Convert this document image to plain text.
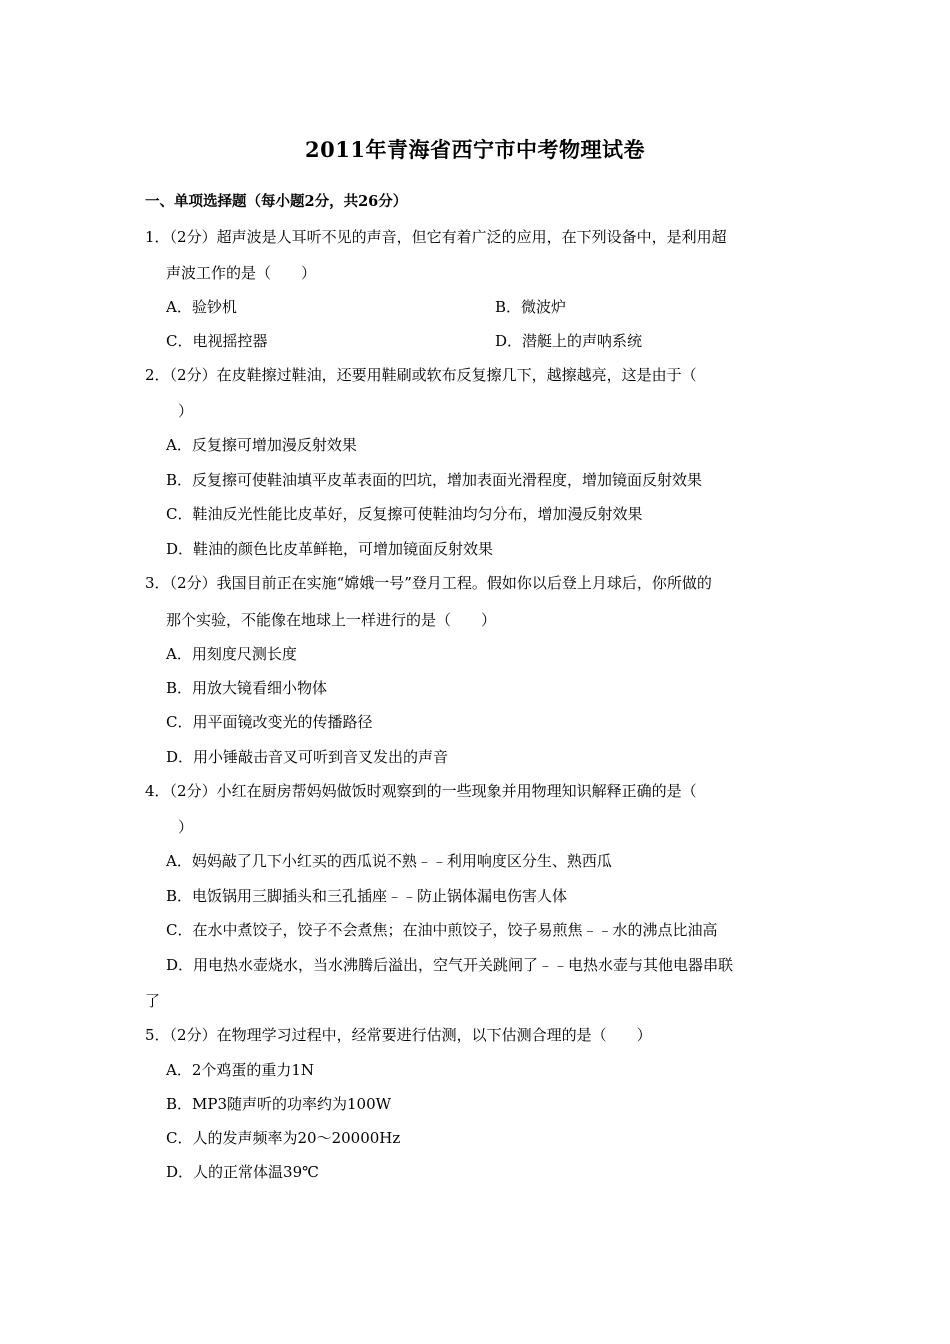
2011年青海省西宁市中考物理试卷
一、单项选择题（每小题2分，共26分）
1．（2分）超声波是人耳听不见的声音，但它有着广泛的应用，在下列设备中，是利用超
声波工作的是（　　）
A．验钞机	B．微波炉
C．电视摇控器	D．潜艇上的声呐系统
2．（2分）在皮鞋擦过鞋油，还要用鞋刷或软布反复擦几下，越擦越亮，这是由于（
）
A．反复擦可增加漫反射效果
B．反复擦可使鞋油填平皮革表面的凹坑，增加表面光滑程度，增加镜面反射效果
C．鞋油反光性能比皮革好，反复擦可使鞋油均匀分布，增加漫反射效果
D．鞋油的颜色比皮革鲜艳，可增加镜面反射效果
3．（2分）我国目前正在实施“嫦娥一号”登月工程。假如你以后登上月球后，你所做的
那个实验，不能像在地球上一样进行的是（　　）
A．用刻度尺测长度
B．用放大镜看细小物体
C．用平面镜改变光的传播路径
D．用小锤敲击音叉可听到音叉发出的声音
4．（2分）小红在厨房帮妈妈做饭时观察到的一些现象并用物理知识解释正确的是（
）
A．妈妈敲了几下小红买的西瓜说不熟﹣﹣利用响度区分生、熟西瓜
B．电饭锅用三脚插头和三孔插座﹣﹣防止锅体漏电伤害人体
C．在水中煮饺子，饺子不会煮焦；在油中煎饺子，饺子易煎焦﹣﹣水的沸点比油高
D．用电热水壶烧水，当水沸腾后溢出，空气开关跳闸了﹣﹣电热水壶与其他电器串联
了
5．（2分）在物理学习过程中，经常要进行估测，以下估测合理的是（　　）
A．2个鸡蛋的重力1N
B．MP3随声听的功率约为100W
C．人的发声频率为20～20000Hz
D．人的正常体温39℃
